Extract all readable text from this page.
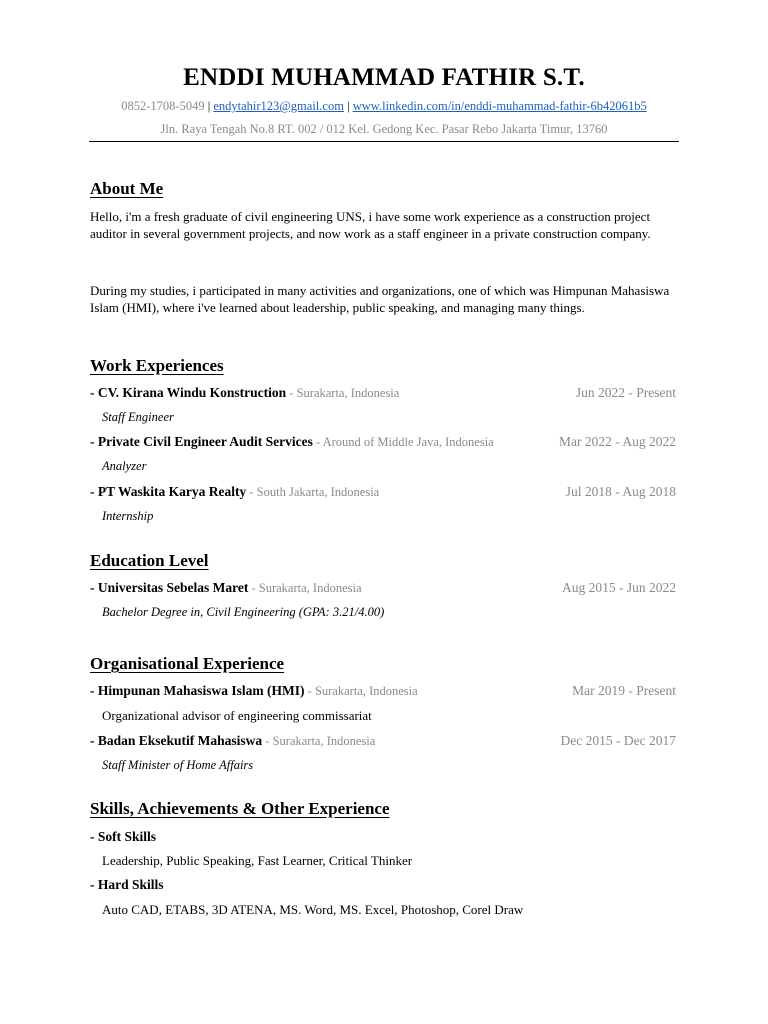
ENDDI MUHAMMAD FATHIR S.T.
0852-1708-5049 | endytahir123@gmail.com | www.linkedin.com/in/enddi-muhammad-fathir-6b42061b5
Jln. Raya Tengah No.8 RT. 002 / 012 Kel. Gedong Kec. Pasar Rebo Jakarta Timur, 13760
About Me
Hello, i'm a fresh graduate of civil engineering UNS, i have some work experience as a construction project auditor in several government projects, and now work as a staff engineer in a private construction company.
During my studies, i participated in many activities and organizations, one of which was Himpunan Mahasiswa Islam (HMI), where i've learned about leadership, public speaking, and managing many things.
Work Experiences
- CV. Kirana Windu Konstruction - Surakarta, Indonesia	Jun 2022 - Present
Staff Engineer
- Private Civil Engineer Audit Services - Around of Middle Java, Indonesia	Mar 2022 - Aug 2022
Analyzer
- PT Waskita Karya Realty - South Jakarta, Indonesia	Jul 2018 - Aug 2018
Internship
Education Level
- Universitas Sebelas Maret - Surakarta, Indonesia	Aug 2015 - Jun 2022
Bachelor Degree in, Civil Engineering (GPA: 3.21/4.00)
Organisational Experience
- Himpunan Mahasiswa Islam (HMI) - Surakarta, Indonesia	Mar 2019 - Present
Organizational advisor of engineering commissariat
- Badan Eksekutif Mahasiswa - Surakarta, Indonesia	Dec 2015 - Dec 2017
Staff Minister of Home Affairs
Skills, Achievements & Other Experience
- Soft Skills
Leadership, Public Speaking, Fast Learner, Critical Thinker
- Hard Skills
Auto CAD, ETABS, 3D ATENA, MS. Word, MS. Excel, Photoshop, Corel Draw
